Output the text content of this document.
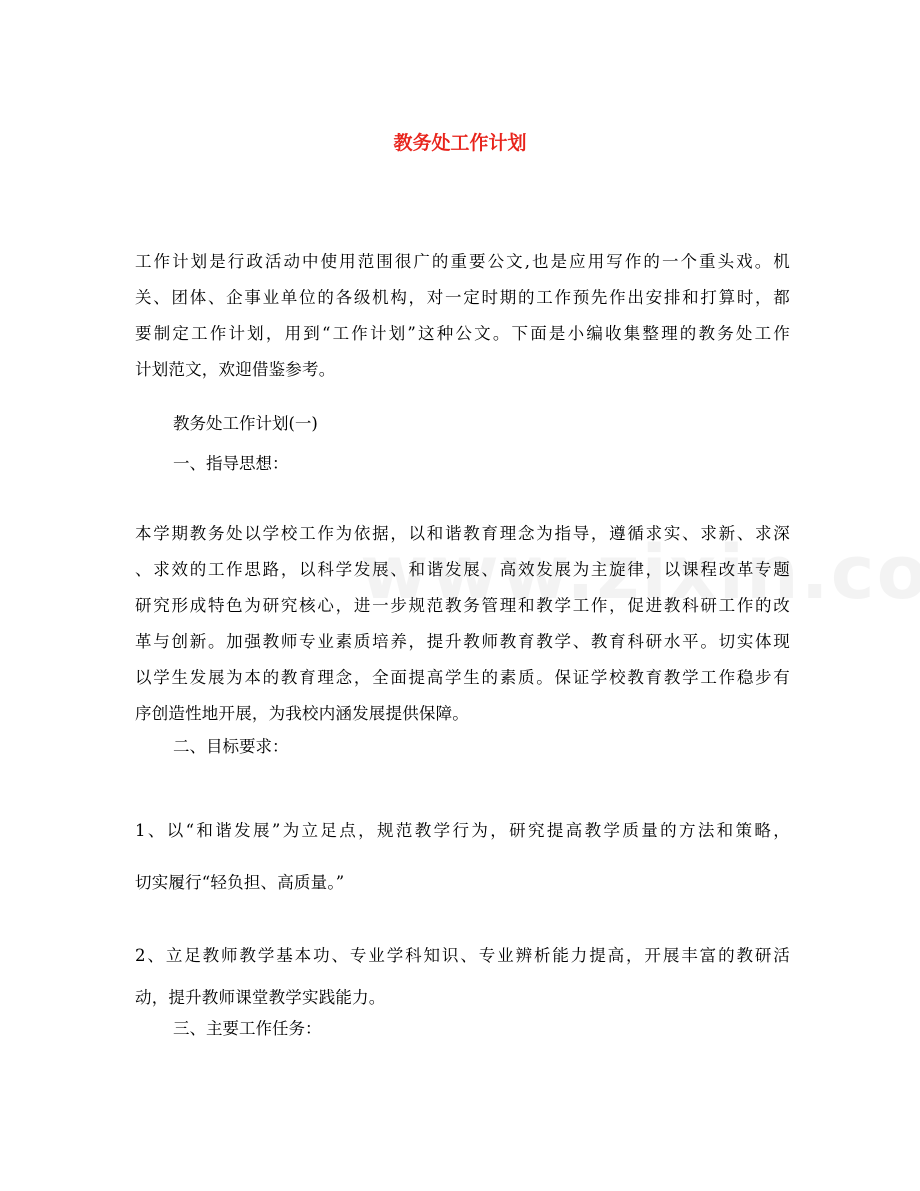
教务处工作计划
工作计划是行政活动中使用范围很广的重要公文,也是应用写作的一个重头戏。机
关、团体、企事业单位的各级机构，对一定时期的工作预先作出安排和打算时，都
要制定工作计划，用到“工作计划”这种公文。下面是小编收集整理的教务处工作
计划范文，欢迎借鉴参考。
教务处工作计划(一)
一、指导思想：
本学期教务处以学校工作为依据，以和谐教育理念为指导，遵循求实、求新、求深
、求效的工作思路，以科学发展、和谐发展、高效发展为主旋律，以课程改革专题
研究形成特色为研究核心，进一步规范教务管理和教学工作，促进教科研工作的改
革与创新。加强教师专业素质培养，提升教师教育教学、教育科研水平。切实体现
以学生发展为本的教育理念，全面提高学生的素质。保证学校教育教学工作稳步有
序创造性地开展，为我校内涵发展提供保障。
二、目标要求：
1、以“和谐发展”为立足点，规范教学行为，研究提高教学质量的方法和策略，
切实履行“轻负担、高质量。”
2、立足教师教学基本功、专业学科知识、专业辨析能力提高，开展丰富的教研活
动，提升教师课堂教学实践能力。
三、主要工作任务：
